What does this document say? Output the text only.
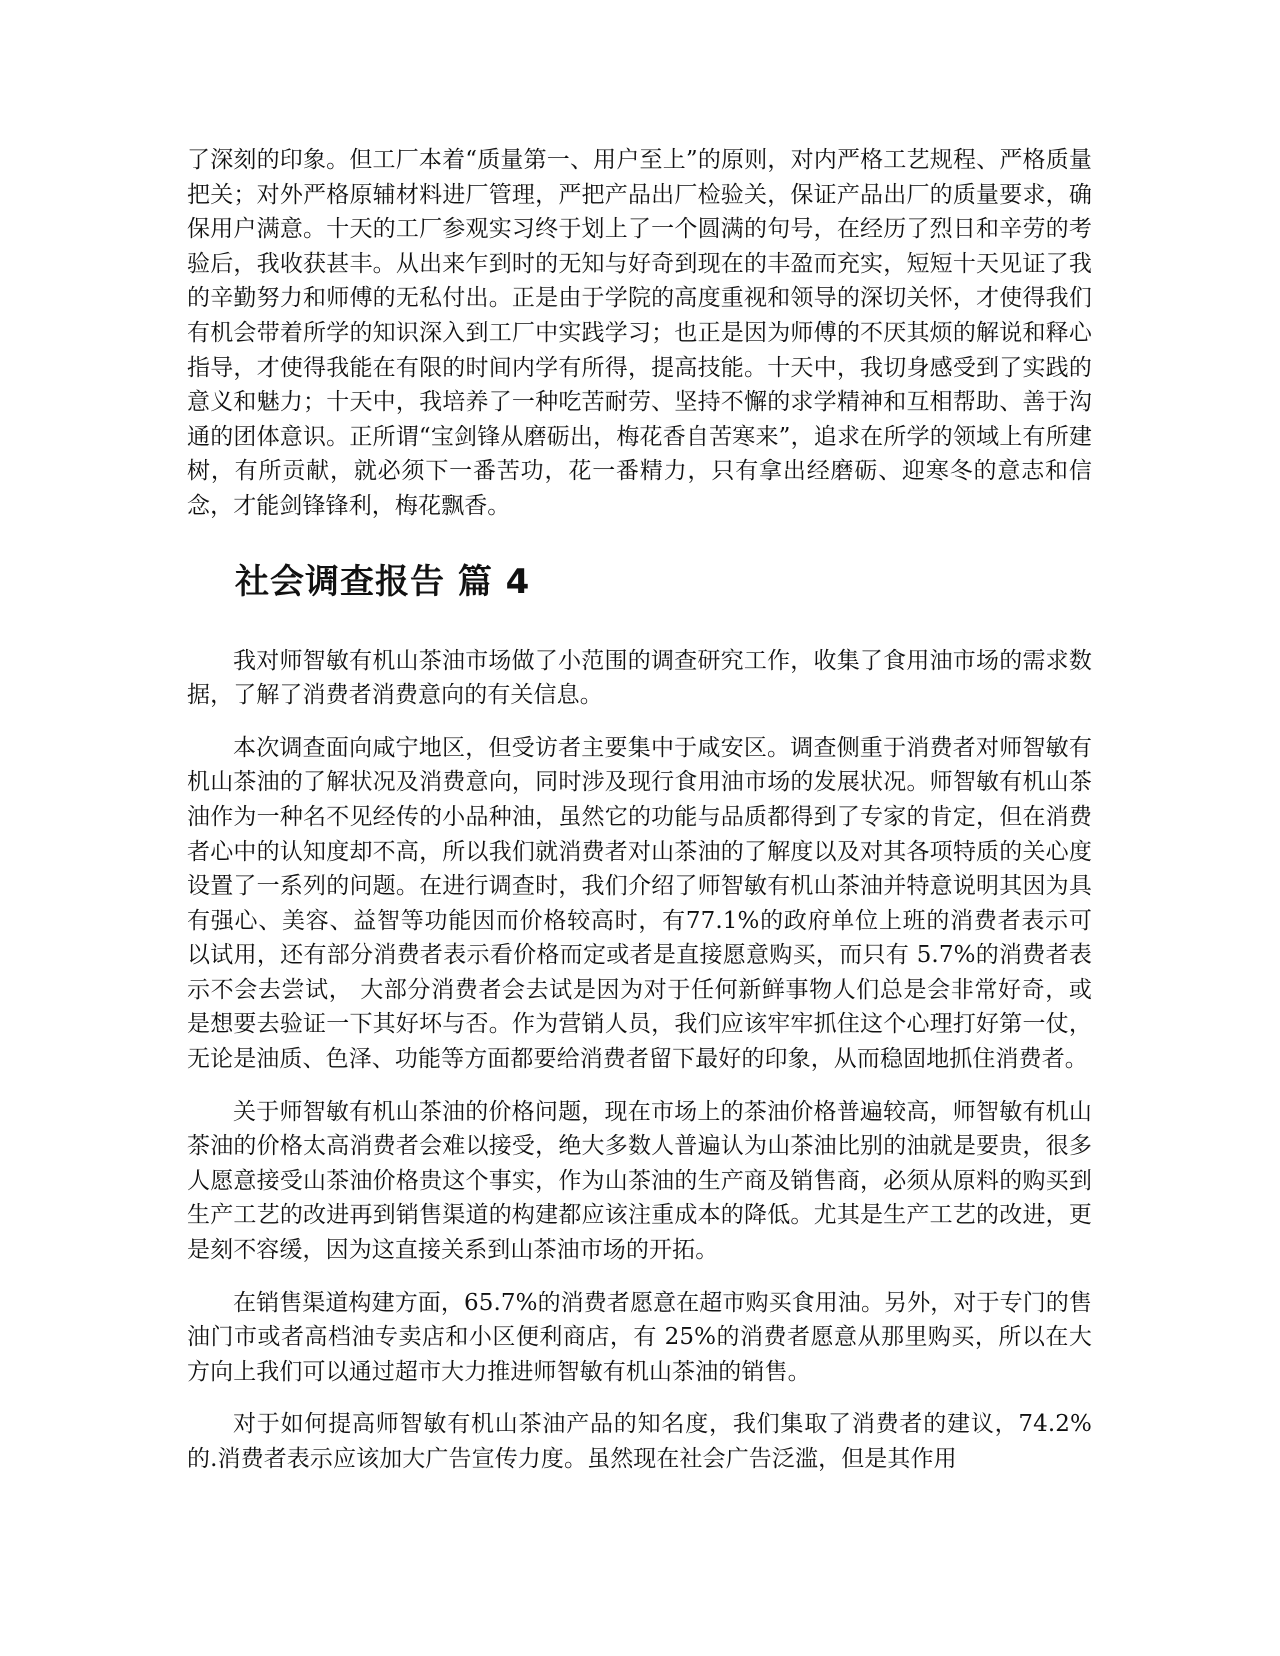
了深刻的印象。但工厂本着“质量第一、用户至上”的原则，对内严格工艺规程、严格质量把关；对外严格原辅材料进厂管理，严把产品出厂检验关，保证产品出厂的质量要求，确保用户满意。十天的工厂参观实习终于划上了一个圆满的句号，在经历了烈日和辛劳的考验后，我收获甚丰。从出来乍到时的无知与好奇到现在的丰盈而充实，短短十天见证了我的辛勤努力和师傅的无私付出。正是由于学院的高度重视和领导的深切关怀，才使得我们有机会带着所学的知识深入到工厂中实践学习；也正是因为师傅的不厌其烦的解说和释心指导，才使得我能在有限的时间内学有所得，提高技能。十天中，我切身感受到了实践的意义和魅力；十天中，我培养了一种吃苦耐劳、坚持不懈的求学精神和互相帮助、善于沟通的团体意识。正所谓“宝剑锋从磨砺出，梅花香自苦寒来”，追求在所学的领域上有所建树，有所贡献，就必须下一番苦功，花一番精力，只有拿出经磨砺、迎寒冬的意志和信念，才能剑锋锋利，梅花飘香。

社会调查报告 篇 4

我对师智敏有机山茶油市场做了小范围的调查研究工作，收集了食用油市场的需求数据，了解了消费者消费意向的有关信息。

本次调查面向咸宁地区，但受访者主要集中于咸安区。调查侧重于消费者对师智敏有机山茶油的了解状况及消费意向，同时涉及现行食用油市场的发展状况。师智敏有机山茶油作为一种名不见经传的小品种油，虽然它的功能与品质都得到了专家的肯定，但在消费者心中的认知度却不高，所以我们就消费者对山茶油的了解度以及对其各项特质的关心度设置了一系列的问题。在进行调查时，我们介绍了师智敏有机山茶油并特意说明其因为具有强心、美容、益智等功能因而价格较高时，有77.1%的政府单位上班的消费者表示可以试用，还有部分消费者表示看价格而定或者是直接愿意购买，而只有 5.7%的消费者表示不会去尝试， 大部分消费者会去试是因为对于任何新鲜事物人们总是会非常好奇，或是想要去验证一下其好坏与否。作为营销人员，我们应该牢牢抓住这个心理打好第一仗，无论是油质、色泽、功能等方面都要给消费者留下最好的印象，从而稳固地抓住消费者。

关于师智敏有机山茶油的价格问题，现在市场上的茶油价格普遍较高，师智敏有机山茶油的价格太高消费者会难以接受，绝大多数人普遍认为山茶油比别的油就是要贵，很多人愿意接受山茶油价格贵这个事实，作为山茶油的生产商及销售商，必须从原料的购买到生产工艺的改进再到销售渠道的构建都应该注重成本的降低。尤其是生产工艺的改进，更是刻不容缓，因为这直接关系到山茶油市场的开拓。

在销售渠道构建方面，65.7%的消费者愿意在超市购买食用油。另外，对于专门的售油门市或者高档油专卖店和小区便利商店，有 25%的消费者愿意从那里购买，所以在大方向上我们可以通过超市大力推进师智敏有机山茶油的销售。

对于如何提高师智敏有机山茶油产品的知名度，我们集取了消费者的建议，74.2%的.消费者表示应该加大广告宣传力度。虽然现在社会广告泛滥，但是其作用
